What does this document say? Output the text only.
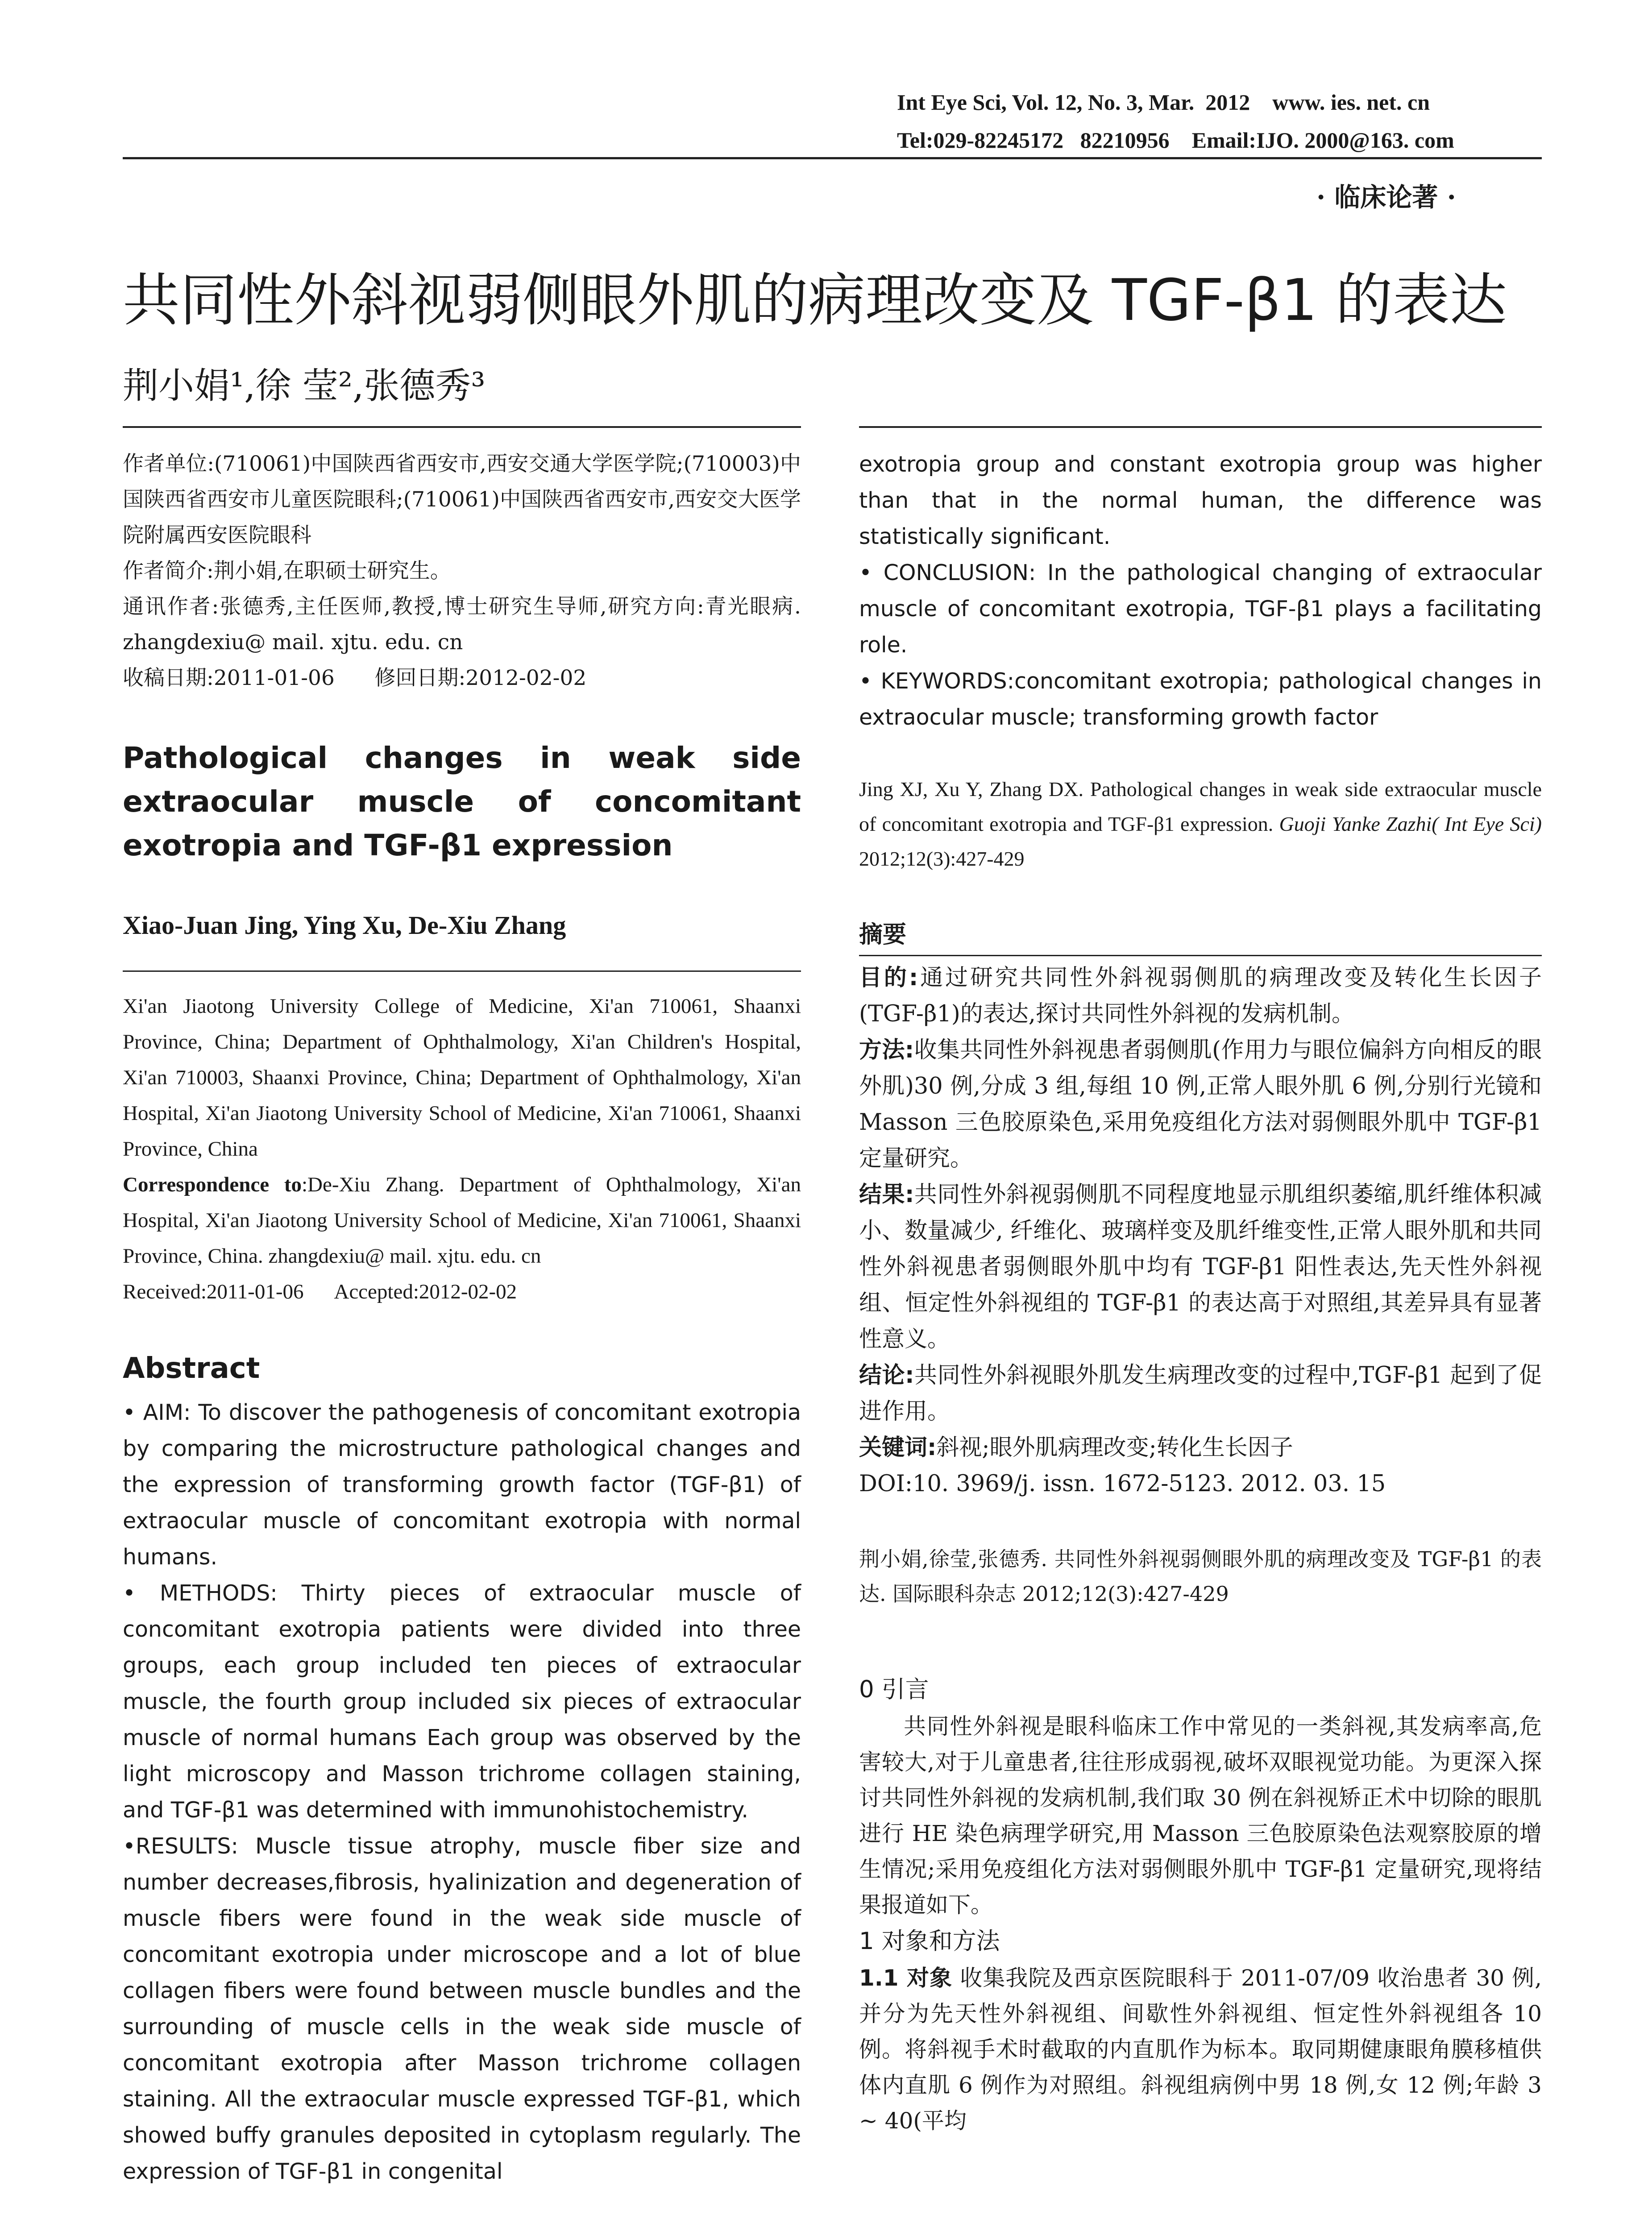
Int Eye Sci, Vol. 12, No. 3, Mar.  2012    www. ies. net. cn
Tel:029-82245172   82210956    Email:IJO. 2000@163. com
· 临床论著 ·
共同性外斜视弱侧眼外肌的病理改变及 TGF-β1 的表达
荆小娟¹,徐 莹²,张德秀³

作者单位:(710061)中国陕西省西安市,西安交通大学医学院;(710003)中国陕西省西安市儿童医院眼科;(710061)中国陕西省西安市,西安交大医学院附属西安医院眼科

作者简介:荆小娟,在职硕士研究生。

通讯作者:张德秀,主任医师,教授,博士研究生导师,研究方向:青光眼病. zhangdexiu@ mail. xjtu. edu. cn

收稿日期:2011-01-06      修回日期:2012-02-02

Pathological changes in weak side extraocular muscle of concomitant exotropia and TGF-β1 expression
Xiao-Juan Jing, Ying Xu, De-Xiu Zhang

Xi'an Jiaotong University College of Medicine, Xi'an 710061, Shaanxi Province, China; Department of Ophthalmology, Xi'an Children's Hospital, Xi'an 710003, Shaanxi Province, China; Department of Ophthalmology, Xi'an Hospital, Xi'an Jiaotong University School of Medicine, Xi'an 710061, Shaanxi Province, China

Correspondence to:De-Xiu Zhang. Department of Ophthalmology, Xi'an Hospital, Xi'an Jiaotong University School of Medicine, Xi'an 710061, Shaanxi Province, China. zhangdexiu@ mail. xjtu. edu. cn

Received:2011-01-06      Accepted:2012-02-02

Abstract

• AIM: To discover the pathogenesis of concomitant exotropia by comparing the microstructure pathological changes and the expression of transforming growth factor (TGF-β1) of extraocular muscle of concomitant exotropia with normal humans.

• METHODS: Thirty pieces of extraocular muscle of concomitant exotropia patients were divided into three groups, each group included ten pieces of extraocular muscle, the fourth group included six pieces of extraocular muscle of normal humans Each group was observed by the light microscopy and Masson trichrome collagen staining, and TGF-β1 was determined with immunohistochemistry.

•RESULTS: Muscle tissue atrophy, muscle fiber size and number decreases,fibrosis, hyalinization and degeneration of muscle fibers were found in the weak side muscle of concomitant exotropia under microscope and a lot of blue collagen fibers were found between muscle bundles and the surrounding of muscle cells in the weak side muscle of concomitant exotropia after Masson trichrome collagen staining. All the extraocular muscle expressed TGF-β1, which showed buffy granules deposited in cytoplasm regularly. The expression of TGF-β1 in congenital

exotropia group and constant exotropia group was higher than that in the normal human, the difference was statistically significant.

• CONCLUSION: In the pathological changing of extraocular muscle of concomitant exotropia, TGF-β1 plays a facilitating role.

• KEYWORDS:concomitant exotropia; pathological changes in extraocular muscle; transforming growth factor

Jing XJ, Xu Y, Zhang DX. Pathological changes in weak side extraocular muscle of concomitant exotropia and TGF-β1 expression. Guoji Yanke Zazhi( Int Eye Sci) 2012;12(3):427-429
摘要

目的:通过研究共同性外斜视弱侧肌的病理改变及转化生长因子(TGF-β1)的表达,探讨共同性外斜视的发病机制。

方法:收集共同性外斜视患者弱侧肌(作用力与眼位偏斜方向相反的眼外肌)30 例,分成 3 组,每组 10 例,正常人眼外肌 6 例,分别行光镜和 Masson 三色胶原染色,采用免疫组化方法对弱侧眼外肌中 TGF-β1 定量研究。

结果:共同性外斜视弱侧肌不同程度地显示肌组织萎缩,肌纤维体积减小、数量减少, 纤维化、玻璃样变及肌纤维变性,正常人眼外肌和共同性外斜视患者弱侧眼外肌中均有 TGF-β1 阳性表达,先天性外斜视组、恒定性外斜视组的 TGF-β1 的表达高于对照组,其差异具有显著性意义。

结论:共同性外斜视眼外肌发生病理改变的过程中,TGF-β1 起到了促进作用。

关键词:斜视;眼外肌病理改变;转化生长因子

DOI:10. 3969/j. issn. 1672-5123. 2012. 03. 15

荆小娟,徐莹,张德秀. 共同性外斜视弱侧眼外肌的病理改变及 TGF-β1 的表达. 国际眼科杂志 2012;12(3):427-429
0 引言

共同性外斜视是眼科临床工作中常见的一类斜视,其发病率高,危害较大,对于儿童患者,往往形成弱视,破坏双眼视觉功能。为更深入探讨共同性外斜视的发病机制,我们取 30 例在斜视矫正术中切除的眼肌进行 HE 染色病理学研究,用 Masson 三色胶原染色法观察胶原的增生情况;采用免疫组化方法对弱侧眼外肌中 TGF-β1 定量研究,现将结果报道如下。

1 对象和方法

1.1 对象 收集我院及西京医院眼科于 2011-07/09 收治患者 30 例,并分为先天性外斜视组、间歇性外斜视组、恒定性外斜视组各 10 例。将斜视手术时截取的内直肌作为标本。取同期健康眼角膜移植供体内直肌 6 例作为对照组。斜视组病例中男 18 例,女 12 例;年龄 3 ~ 40(平均
